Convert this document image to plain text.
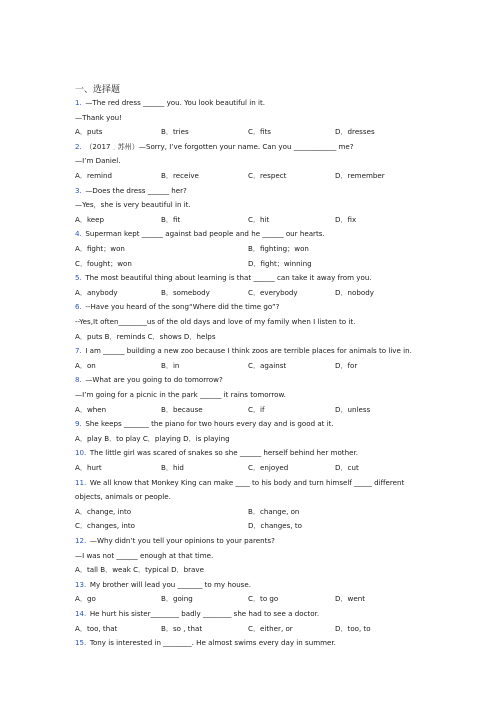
一、选择题
1.  —The red dress ______ you. You look beautiful in it.
—Thank you!
A．puts	B．tries	C．fits	D．dresses
2.  （2017﹒苏州）—Sorry, I’ve forgotten your name. Can you ____________ me?
—I’m Daniel.
A．remind	B．receive	C．respect	D．remember
3.  —Does the dress ______ her?
—Yes，she is very beautiful in it.
A．keep	B．fit	C．hit	D．fix
4.  Superman kept ______ against bad people and he ______ our hearts.
A．fight；won	B．fighting；won
C．fought；won	D．fight；winning
5.  The most beautiful thing about learning is that ______ can take it away from you.
A．anybody	B．somebody	C．everybody	D．nobody
6.  --Have you heard of the song“Where did the time go”?
--Yes,It often________us of the old days and love of my family when I listen to it.
A．puts B．reminds C．shows D．helps
7.  I am ______ building a new zoo because I think zoos are terrible places for animals to live in.
A．on	B．in	C．against	D．for
8.  —What are you going to do tomorrow?
—I’m going for a picnic in the park ______ it rains tomorrow.
A．when	B．because	C．if	D．unless
9.  She keeps _______ the piano for two hours every day and is good at it.
A．play B．to play C．playing D．is playing
10.  The little girl was scared of snakes so she ______ herself behind her mother.
A．hurt	B．hid	C．enjoyed	D．cut
11.  We all know that Monkey King can make ____ to his body and turn himself _____ different
objects, animals or people.
A．change, into	B．change, on
C．changes, into	D．changes, to
12.  —Why didn’t you tell your opinions to your parents?
—I was not ______ enough at that time.
A．tall B．weak C．typical D．brave
13.  My brother will lead you _______ to my house.
A．go	B．going	C．to go	D．went
14.  He hurt his sister________ badly ________ she had to see a doctor.
A．too, that	B．so , that	C．either, or	D．too, to
15.  Tony is interested in ________. He almost swims every day in summer.
